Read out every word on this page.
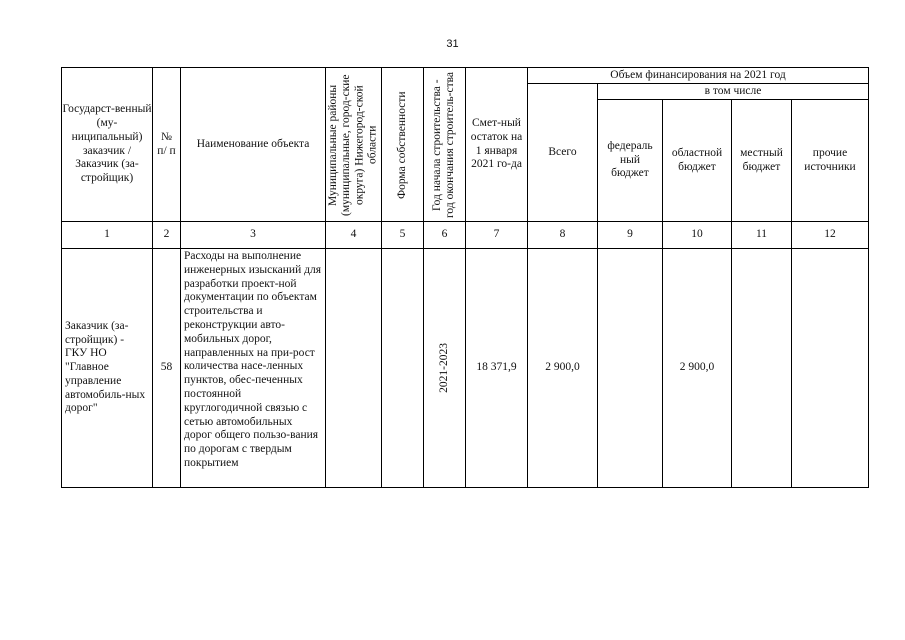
31
Государст-венный (му-ниципальный) заказчик / Заказчик (за-стройщик)	№ п/ п	Наименование объекта	Муниципальные районы (муниципальные, город-ские округа) Нижегород-ской области	Форма собственности	Год начала строительства - год окончания строитель-ства	Смет-ный остаток на 1 января 2021 го-да	Объем финансирования на 2021 год				
							Всего	в том числе			
								федераль ный бюджет	областной бюджет	местный бюджет	прочие источники
1	2	3	4	5	6	7	8	9	10	11	12
Заказчик (за-стройщик) - ГКУ НО "Главное управление автомобиль-ных дорог"	58	Расходы на выполнение инженерных изысканий для разработки проект-ной документации по объектам строительства и реконструкции авто-мобильных дорог, направленных на при-рост количества насе-ленных пунктов, обес-печенных постоянной круглогодичной связью с сетью автомобильных дорог общего пользо-вания по дорогам с твердым покрытием			2021-2023	18 371,9	2 900,0		2 900,0		
